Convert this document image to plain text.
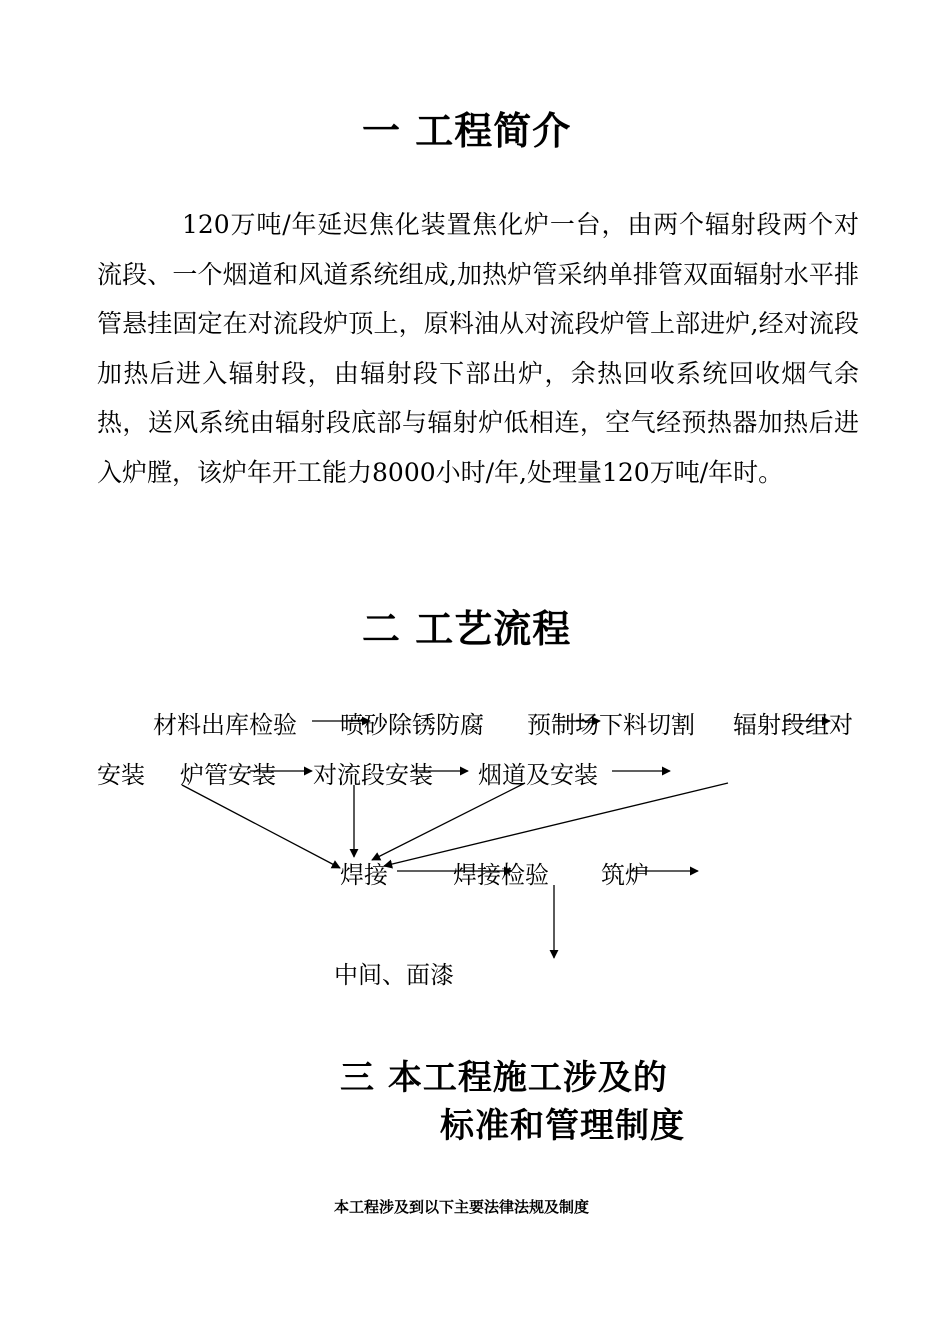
一 工程简介
120万吨/年延迟焦化装置焦化炉一台，由两个辐射段两个对流段、一个烟道和风道系统组成,加热炉管采纳单排管双面辐射水平排管悬挂固定在对流段炉顶上，原料油从对流段炉管上部进炉,经对流段加热后进入辐射段，由辐射段下部出炉，余热回收系统回收烟气余热，送风系统由辐射段底部与辐射炉低相连，空气经预热器加热后进入炉膛，该炉年开工能力8000小时/年,处理量120万吨/年时。
二 工艺流程
材料出库检验 喷砂除锈防腐 预制场下料切割 辐射段组对
安装 炉管安装 对流段安装 烟道及安装
焊接	焊接检验 筑炉
中间、面漆
三 本工程施工涉及的
标准和管理制度
本工程涉及到以下主要法律法规及制度
